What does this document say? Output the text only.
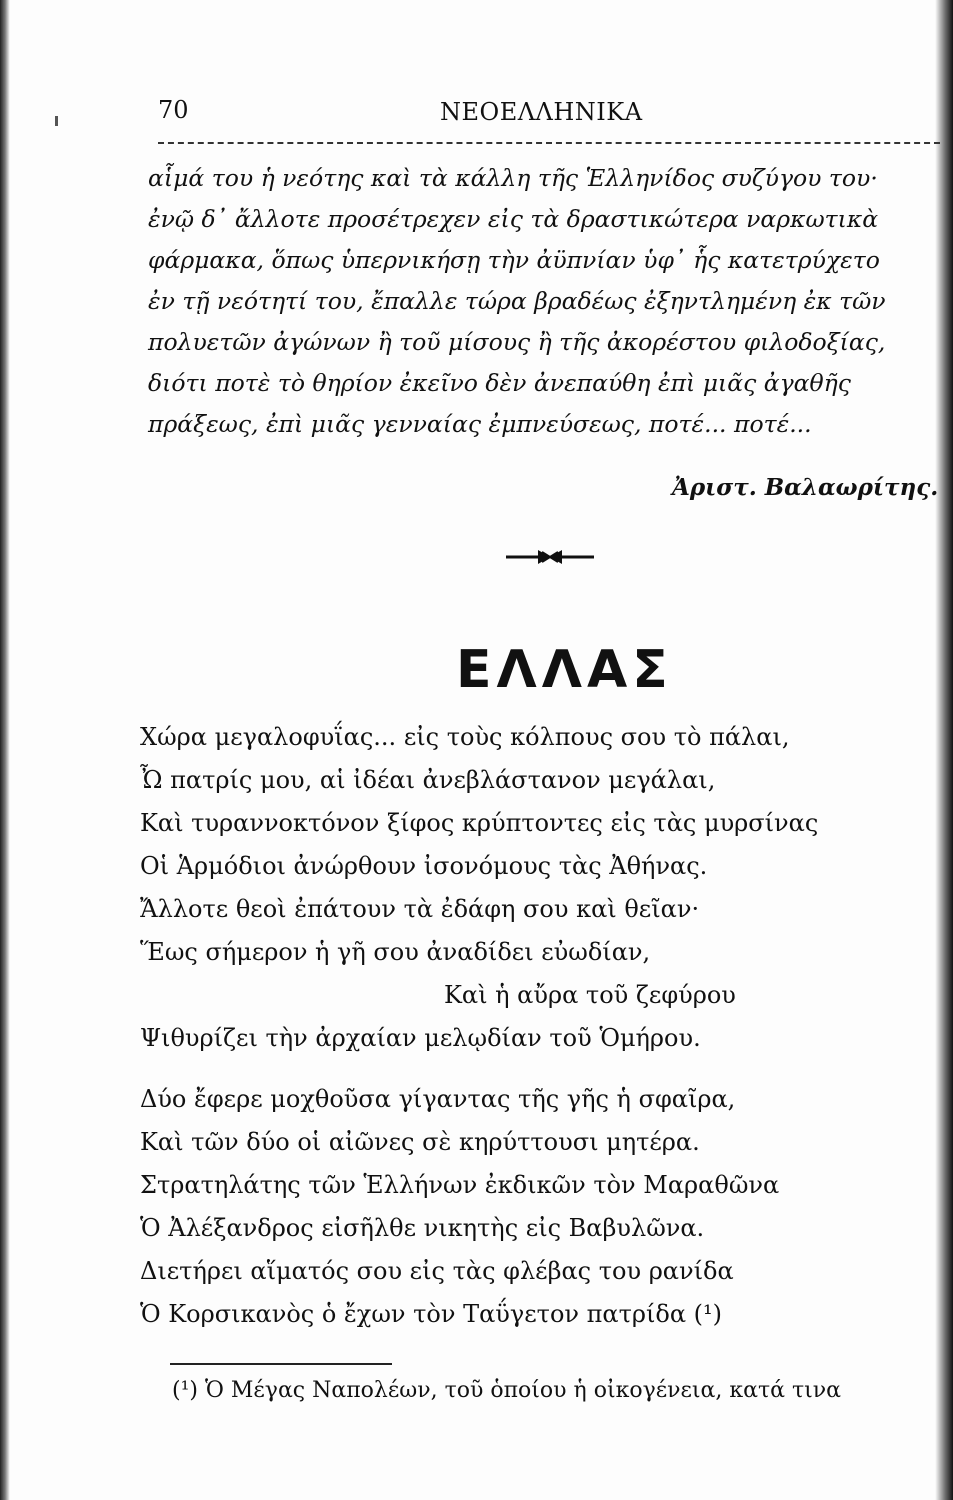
70	ΝΕΟΕΛΛΗΝΙΚΑ
αἷμά του ἡ νεότης καὶ τὰ κάλλη τῆς Ἑλληνίδος συζύγου του·
ἐνῷ δ᾽ ἄλλοτε προσέτρεχεν εἰς τὰ δραστικώτερα ναρκωτικὰ
φάρμακα, ὅπως ὑπερνικήσῃ τὴν ἀϋπνίαν ὑφ᾽ ἧς κατετρύχετο
ἐν τῇ νεότητί του, ἔπαλλε τώρα βραδέως ἐξηντλημένη ἐκ τῶν
πολυετῶν ἀγώνων ἢ τοῦ μίσους ἢ τῆς ἀκορέστου φιλοδοξίας,
διότι ποτὲ τὸ θηρίον ἐκεῖνο δὲν ἀνεπαύθη ἐπὶ μιᾶς ἀγαθῆς
πράξεως, ἐπὶ μιᾶς γενναίας ἐμπνεύσεως, ποτέ... ποτέ...
Ἀριστ. Βαλαωρίτης.
ΕΛΛΑΣ
Χώρα μεγαλοφυΐας... εἰς τοὺς κόλπους σου τὸ πάλαι,
Ὦ πατρίς μου, αἱ ἰδέαι ἀνεβλάστανον μεγάλαι,
Καὶ τυραννοκτόνον ξίφος κρύπτοντες εἰς τὰς μυρσίνας
Οἱ Ἁρμόδιοι ἀνώρθουν ἰσονόμους τὰς Ἀθήνας.
Ἄλλοτε θεοὶ ἐπάτουν τὰ ἐδάφη σου καὶ θεῖαν·
Ἕως σήμερον ἡ γῆ σου ἀναδίδει εὐωδίαν,
Καὶ ἡ αὔρα τοῦ ζεφύρου
Ψιθυρίζει τὴν ἀρχαίαν μελῳδίαν τοῦ Ὁμήρου.
Δύο ἔφερε μοχθοῦσα γίγαντας τῆς γῆς ἡ σφαῖρα,
Καὶ τῶν δύο οἱ αἰῶνες σὲ κηρύττουσι μητέρα.
Στρατηλάτης τῶν Ἑλλήνων ἐκδικῶν τὸν Μαραθῶνα
Ὁ Ἀλέξανδρος εἰσῆλθε νικητὴς εἰς Βαβυλῶνα.
Διετήρει αἵματός σου εἰς τὰς φλέβας του ρανίδα
Ὁ Κορσικανὸς ὁ ἔχων τὸν Ταΰγετον πατρίδα (¹)
(¹) Ὁ Μέγας Ναπολέων, τοῦ ὁποίου ἡ οἰκογένεια, κατά τινα
